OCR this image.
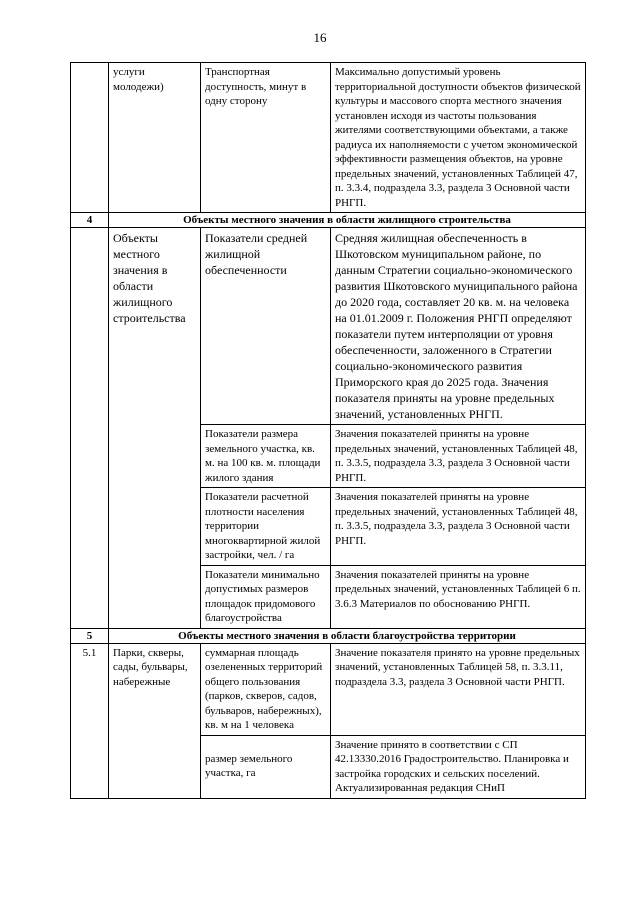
16
	услуги молодежи)	Транспортная доступность, минут в одну сторону	Максимально допустимый уровень территориальной доступности объектов физической культуры и массового спорта местного значения установлен исходя из частоты пользования жителями соответствующими объектами, а также радиуса их наполняемости с учетом экономической эффективности размещения объектов, на уровне предельных значений, установленных Таблицей 47, п. 3.3.4, подраздела 3.3, раздела 3 Основной части РНГП.
4	Объекты местного значения в области жилищного строительства		
	Объекты местного значения в области жилищного строительства	Показатели средней жилищной обеспеченности	Средняя жилищная обеспеченность в Шкотовском муниципальном районе, по данным Стратегии социально-экономического развития Шкотовского муниципального района до 2020 года, составляет 20 кв. м. на человека на 01.01.2009 г. Положения РНГП определяют показатели путем интерполяции от уровня обеспеченности, заложенного в Стратегии социально-экономического развития Приморского края до 2025 года. Значения показателя приняты на уровне предельных значений, установленных РНГП.
		Показатели размера земельного участка, кв. м. на 100 кв. м. площади жилого здания	Значения показателей приняты на уровне предельных значений, установленных Таблицей 48, п. 3.3.5, подраздела 3.3, раздела 3 Основной части РНГП.
		Показатели расчетной плотности населения территории многоквартирной жилой застройки, чел. / га	Значения показателей приняты на уровне предельных значений, установленных Таблицей 48, п. 3.3.5, подраздела 3.3, раздела 3 Основной части РНГП.
		Показатели минимально допустимых размеров площадок придомового благоустройства	Значения показателей приняты на уровне предельных значений, установленных Таблицей 6 п. 3.6.3 Материалов по обоснованию РНГП.
5	Объекты местного значения в области благоустройства территории		
5.1	Парки, скверы, сады, бульвары, набережные	суммарная площадь озелененных территорий общего пользования (парков, скверов, садов, бульваров, набережных), кв. м на 1 человека	Значение показателя принято на уровне предельных значений, установленных Таблицей 58, п. 3.3.11, подраздела 3.3, раздела 3 Основной части РНГП.
		размер земельного участка, га	Значение принято в соответствии с СП 42.13330.2016 Градостроительство. Планировка и застройка городских и сельских поселений. Актуализированная редакция СНиП
